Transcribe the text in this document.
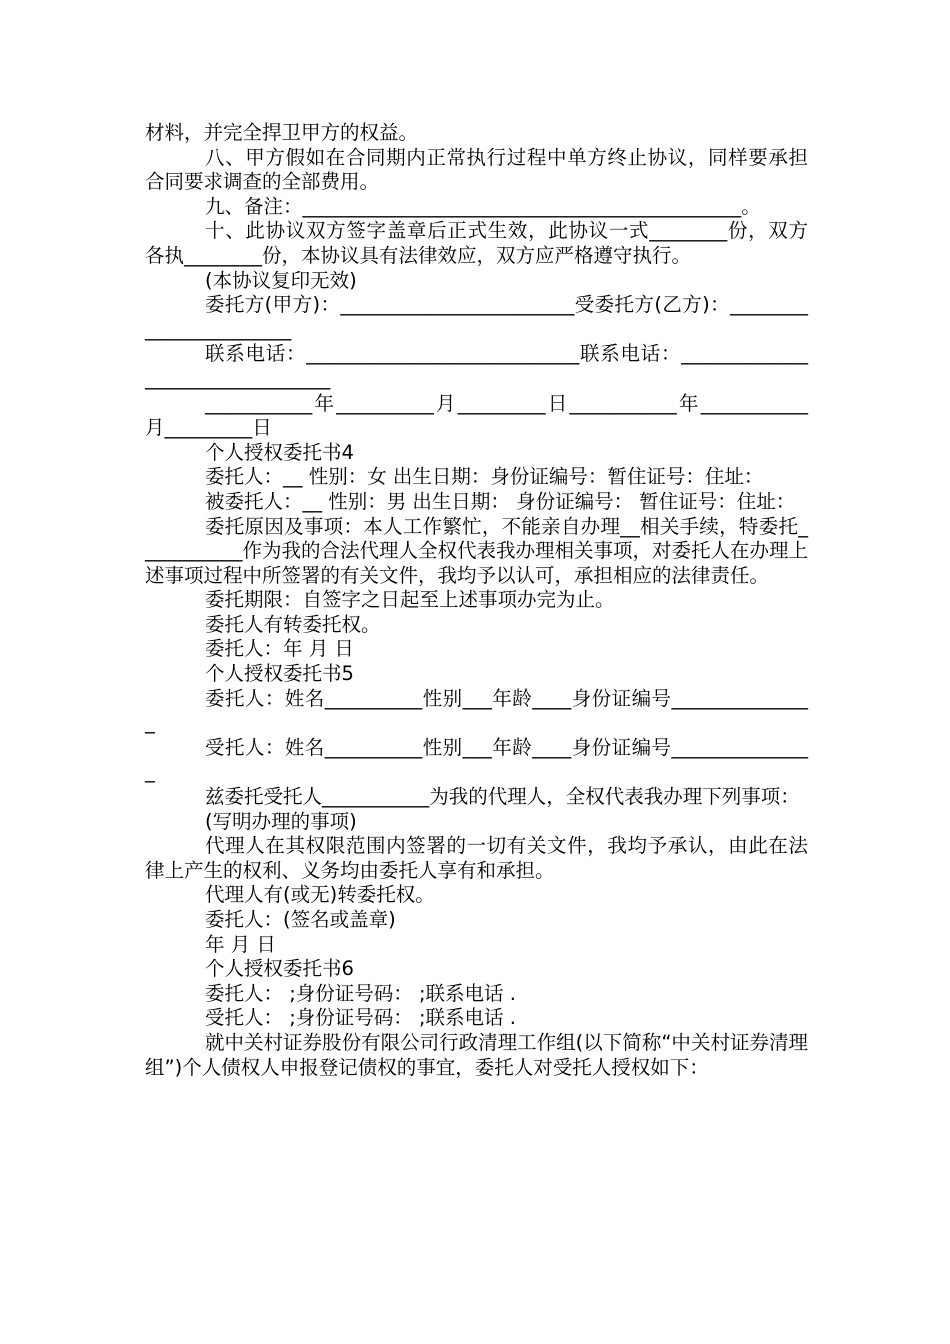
材料，并完全捍卫甲方的权益。

八、甲方假如在合同期内正常执行过程中单方终止协议，同样要承担合同要求调查的全部费用。

九、备注：_____________________________________________。

十、此协议双方签字盖章后正式生效，此协议一式________份，双方各执________份，本协议具有法律效应，双方应严格遵守执行。

(本协议复印无效)

委托方(甲方)：________________________受委托方(乙方)：_______________________

联系电话：____________________________联系电话：________________________________

___________年__________月_________日___________年___________月_________日

个人授权委托书4

委托人：__ 性别：女 出生日期：身份证编号：暂住证号：住址：

被委托人：__ 性别：男 出生日期： 身份证编号： 暂住证号：住址：

委托原因及事项：本人工作繁忙，不能亲自办理__相关手续，特委托___________作为我的合法代理人全权代表我办理相关事项，对委托人在办理上述事项过程中所签署的有关文件，我均予以认可，承担相应的法律责任。

委托期限：自签字之日起至上述事项办完为止。

委托人有转委托权。

委托人：年 月 日

个人授权委托书5

委托人：姓名__________性别___年龄____身份证编号_______________

受托人：姓名__________性别___年龄____身份证编号_______________

兹委托受托人___________为我的代理人，全权代表我办理下列事项：

(写明办理的事项)

代理人在其权限范围内签署的一切有关文件，我均予承认，由此在法律上产生的权利、义务均由委托人享有和承担。

代理人有(或无)转委托权。

委托人：(签名或盖章)

年 月 日

个人授权委托书6

委托人： ;身份证号码： ;联系电话 .

受托人： ;身份证号码： ;联系电话 .

就中关村证券股份有限公司行政清理工作组(以下简称“中关村证券清理组”)个人债权人申报登记债权的事宜，委托人对受托人授权如下：
